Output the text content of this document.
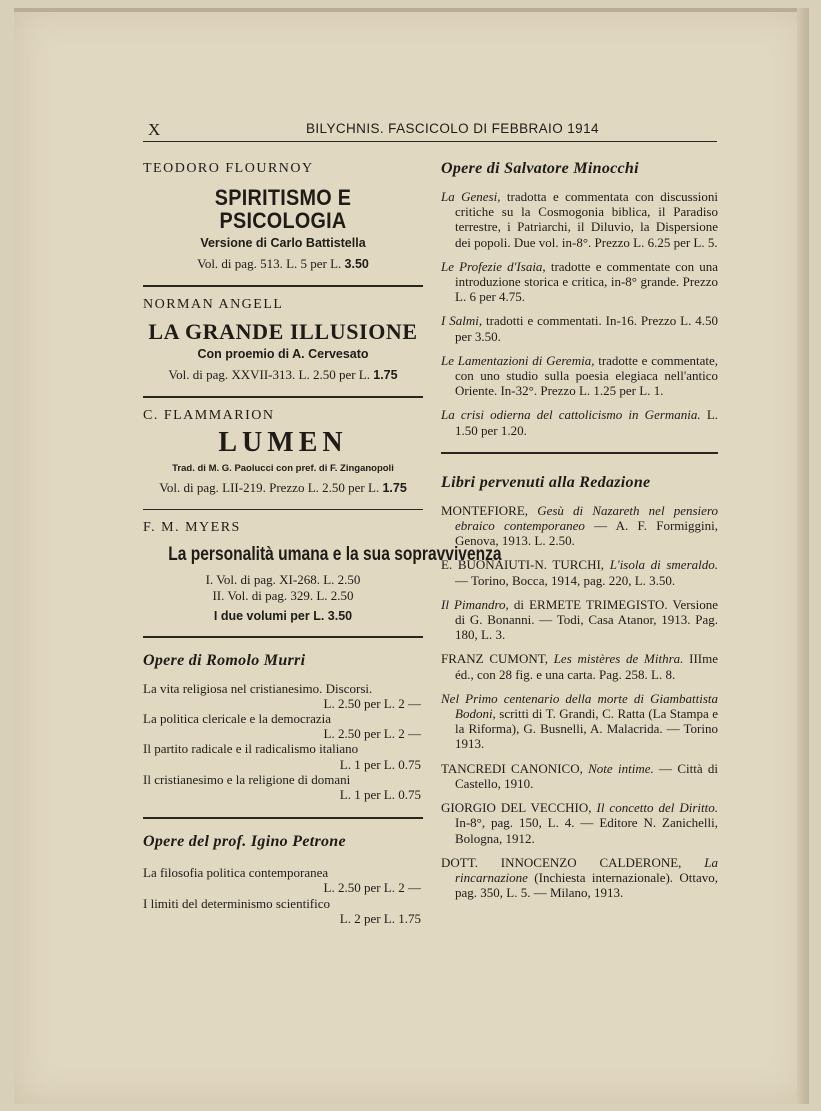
X	BILYCHNIS. FASCICOLO DI FEBBRAIO 1914
TEODORO FLOURNOY
SPIRITISMO E PSICOLOGIA
Versione di Carlo Battistella
Vol. di pag. 513. L. 5 per L. 3.50
NORMAN ANGELL
LA GRANDE ILLUSIONE
Con proemio di A. Cervesato
Vol. di pag. XXVII-313. L. 2.50 per L. 1.75
C. FLAMMARION
LUMEN
Trad. di M. G. Paolucci con pref. di F. Zinganopoli
Vol. di pag. LII-219. Prezzo L. 2.50 per L. 1.75
F. M. MYERS
La personalità umana e la sua sopravvivenza
I. Vol. di pag. XI-268. L. 2.50
II. Vol. di pag. 329. L. 2.50
I due volumi per L. 3.50
Opere di Romolo Murri
La vita religiosa nel cristianesimo. Discorsi.
L. 2.50 per L. 2 —
La politica clericale e la democrazia
L. 2.50 per L. 2 —
Il partito radicale e il radicalismo italiano
L. 1 per L. 0.75
Il cristianesimo e la religione di domani
L. 1 per L. 0.75
Opere del prof. Igino Petrone
La filosofia politica contemporanea
L. 2.50 per L. 2 —
I limiti del determinismo scientifico
L. 2 per L. 1.75
Opere di Salvatore Minocchi
La Genesi, tradotta e commentata con discussioni critiche su la Cosmogonia biblica, il Paradiso terrestre, i Patriarchi, il Diluvio, la Dispersione dei popoli. Due vol. in-8°. Prezzo L. 6.25 per L. 5.
Le Profezie d'Isaia, tradotte e commentate con una introduzione storica e critica, in-8° grande. Prezzo L. 6 per 4.75.
I Salmi, tradotti e commentati. In-16. Prezzo L. 4.50 per 3.50.
Le Lamentazioni di Geremia, tradotte e commentate, con uno studio sulla poesia elegiaca nell'antico Oriente. In-32°. Prezzo L. 1.25 per L. 1.
La crisi odierna del cattolicismo in Germania. L. 1.50 per 1.20.
Libri pervenuti alla Redazione
MONTEFIORE, Gesù di Nazareth nel pensiero ebraico contemporaneo — A. F. Formiggini, Genova, 1913. L. 2.50.
E. BUONAIUTI-N. TURCHI, L'isola di smeraldo. — Torino, Bocca, 1914, pag. 220, L. 3.50.
Il Pimandro, di ERMETE TRIMEGISTO. Versione di G. Bonanni. — Todi, Casa Atanor, 1913. Pag. 180, L. 3.
FRANZ CUMONT, Les mistères de Mithra. IIIme éd., con 28 fig. e una carta. Pag. 258. L. 8.
Nel Primo centenario della morte di Giambattista Bodoni, scritti di T. Grandi, C. Ratta (La Stampa e la Riforma), G. Busnelli, A. Malacrida. — Torino 1913.
TANCREDI CANONICO, Note intime. — Città di Castello, 1910.
GIORGIO DEL VECCHIO, Il concetto del Diritto. In-8°, pag. 150, L. 4. — Editore N. Zanichelli, Bologna, 1912.
DOTT. INNOCENZO CALDERONE, La rincarnazione (Inchiesta internazionale). Ottavo, pag. 350, L. 5. — Milano, 1913.
